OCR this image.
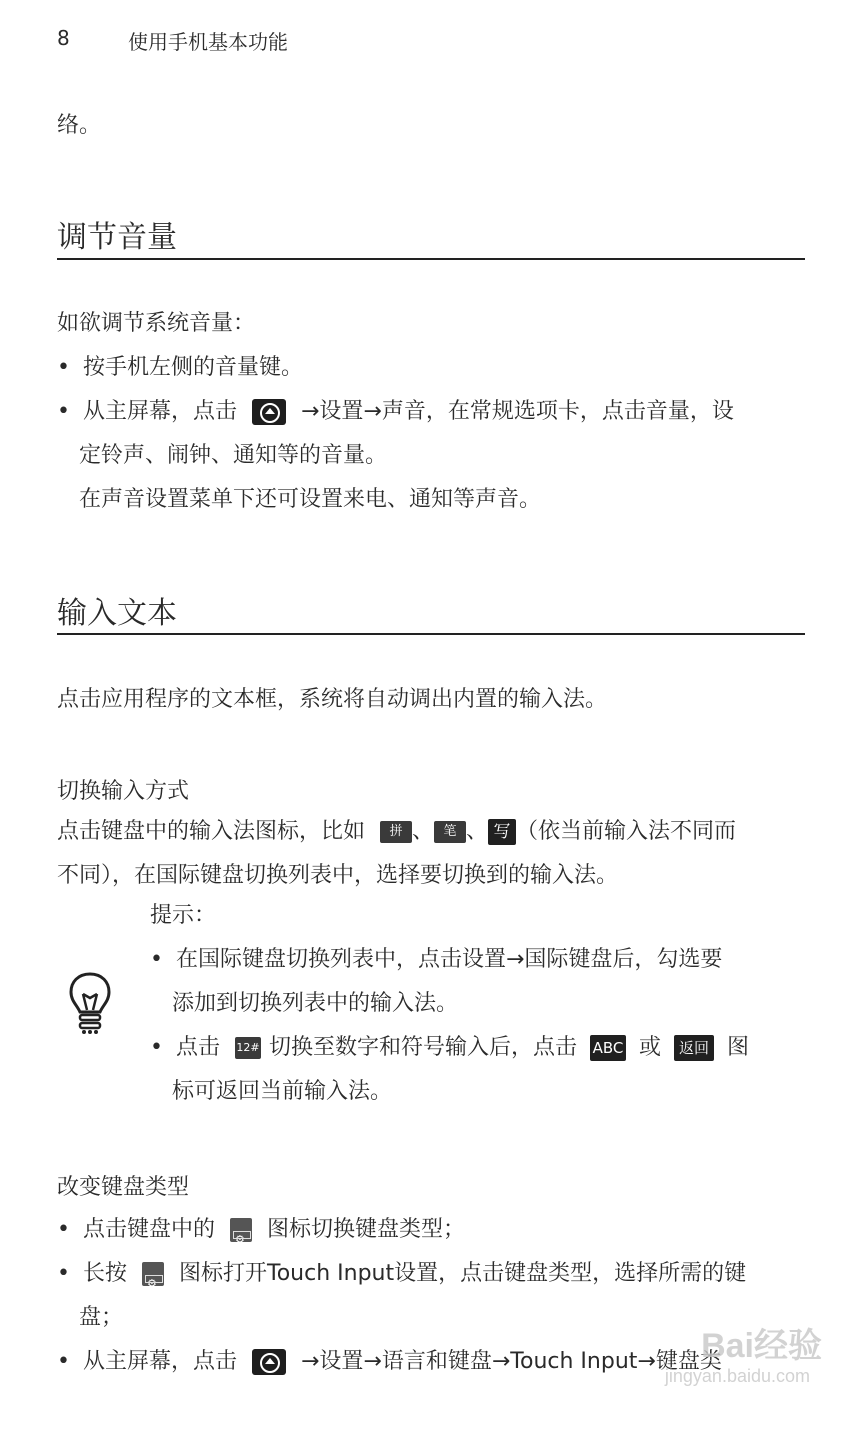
8	使用手机基本功能
络。
调节音量
如欲调节系统音量：
• 按手机左侧的音量键。
• 从主屏幕，点击	→设置→声音，在常规选项卡，点击音量，设
定铃声、闹钟、通知等的音量。
在声音设置菜单下还可设置来电、通知等声音。
输入文本
点击应用程序的文本框，系统将自动调出内置的输入法。
切换输入方式
点击键盘中的输入法图标，比如 拼 、 笔 、 写 （依当前输入法不同而
不同），在国际键盘切换列表中，选择要切换到的输入法。
提示：
• 在国际键盘切换列表中，点击设置→国际键盘后，勾选要
添加到切换列表中的输入法。
• 点击 12# 切换至数字和符号输入后，点击 ABC 或 返回 图
标可返回当前输入法。
改变键盘类型
• 点击键盘中的 ⚙ 图标切换键盘类型；
• 长按 ⚙ 图标打开Touch Input设置，点击键盘类型，选择所需的键
盘；
• 从主屏幕，点击	→设置→语言和键盘→Touch Input→键盘类
Bai经验
jingyan.baidu.com
